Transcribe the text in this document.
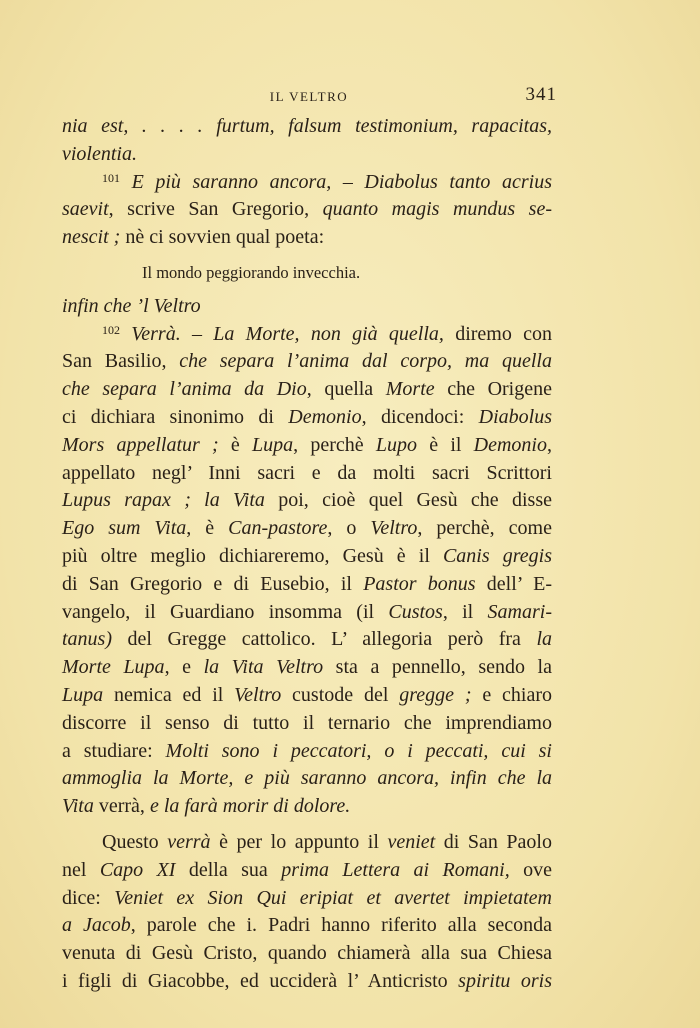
IL VELTRO	341
nia est, . . . . furtum, falsum testimonium, rapacitas,
violentia.
$^{101}$ E più saranno ancora, – Diabolus tanto acrius
saevit, scrive San Gregorio, quanto magis mundus se-
nescit ; nè ci sovvien qual poeta:
Il mondo peggiorando invecchia.
infin che ’l Veltro
$^{102}$ Verrà. – La Morte, non già quella, diremo con
San Basilio, che separa l’anima dal corpo, ma quella
che separa l’anima da Dio, quella Morte che Origene
ci dichiara sinonimo di Demonio, dicendoci: Diabolus
Mors appellatur ; è Lupa, perchè Lupo è il Demonio,
appellato negl’ Inni sacri e da molti sacri Scrittori
Lupus rapax ; la Vita poi, cioè quel Gesù che disse
Ego sum Vita, è Can-pastore, o Veltro, perchè, come
più oltre meglio dichiareremo, Gesù è il Canis gregis
di San Gregorio e di Eusebio, il Pastor bonus dell’ E-
vangelo, il Guardiano insomma (il Custos, il Samari-
tanus) del Gregge cattolico. L’ allegoria però fra la
Morte Lupa, e la Vita Veltro sta a pennello, sendo la
Lupa nemica ed il Veltro custode del gregge ; e chiaro
discorre il senso di tutto il ternario che imprendiamo
a studiare: Molti sono i peccatori, o i peccati, cui si
ammoglia la Morte, e più saranno ancora, infin che la
Vita verrà, e la farà morir di dolore.
Questo verrà è per lo appunto il veniet di San Paolo
nel Capo XI della sua prima Lettera ai Romani, ove
dice: Veniet ex Sion Qui eripiat et avertet impietatem
a Jacob, parole che i. Padri hanno riferito alla seconda
venuta di Gesù Cristo, quando chiamerà alla sua Chiesa
i figli di Giacobbe, ed ucciderà l’ Anticristo spiritu oris
